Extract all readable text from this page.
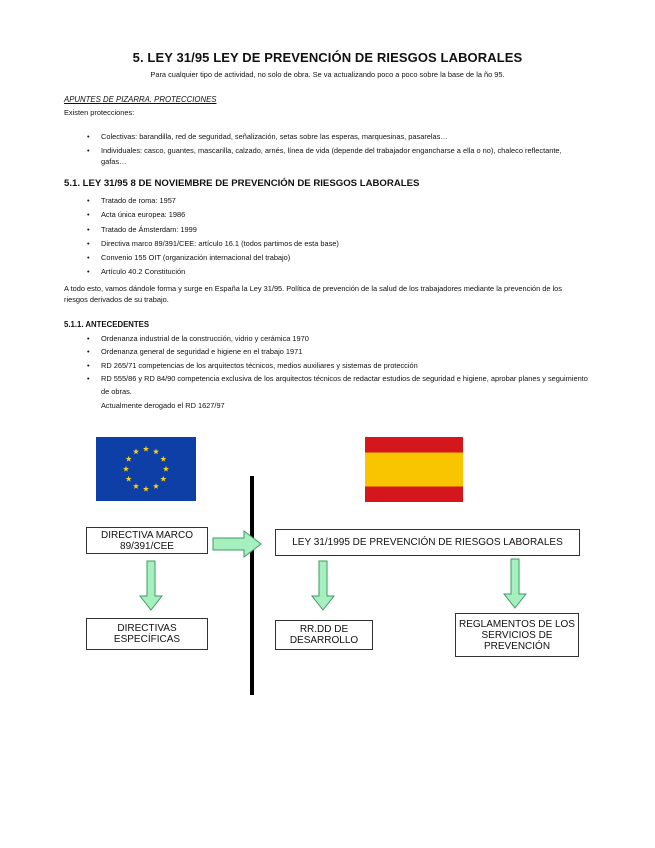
5. LEY 31/95 LEY DE PREVENCIÓN DE RIESGOS LABORALES
Para cualquier tipo de actividad, no solo de obra. Se va actualizando poco a poco sobre la base de la ño 95.
APUNTES DE PIZARRA. PROTECCIONES
Existen protecciones:
• Colectivas: barandilla, red de seguridad, señalización, setas sobre las esperas, marquesinas, pasarelas…
• Individuales: casco, guantes, mascarilla, calzado, arnés, línea de vida (depende del trabajador engancharse a ella o no), chaleco reflectante, gafas…
5.1. LEY 31/95 8 DE NOVIEMBRE DE PREVENCIÓN DE RIESGOS LABORALES
• Tratado de roma: 1957
• Acta única europea: 1986
• Tratado de Ámsterdam: 1999
• Directiva marco 89/391/CEE: artículo 16.1 (todos partimos de esta base)
• Convenio 155 OIT (organización internacional del trabajo)
• Artículo 40.2 Constitución
A todo esto, vamos dándole forma y surge en España la Ley 31/95. Política de prevención de la salud de los trabajadores mediante la prevención de los riesgos derivados de su trabajo.
5.1.1. ANTECEDENTES
• Ordenanza industrial de la construcción, vidrio y cerámica 1970
• Ordenanza general de seguridad e higiene en el trabajo 1971
• RD 265/71 competencias de los arquitectos técnicos, medios auxiliares y sistemas de protección
• RD 555/86 y RD 84/90 competencia exclusiva de los arquitectos técnicos de redactar estudios de seguridad e higiene, aprobar planes y seguimiento de obras.
Actualmente derogado el RD 1627/97
DIRECTIVA MARCO 89/391/CEE	LEY 31/1995 DE PREVENCIÓN DE RIESGOS LABORALES
DIRECTIVAS ESPECÍFICAS
RR.DD DE DESARROLLO
REGLAMENTOS DE LOS SERVICIOS DE PREVENCIÓN
